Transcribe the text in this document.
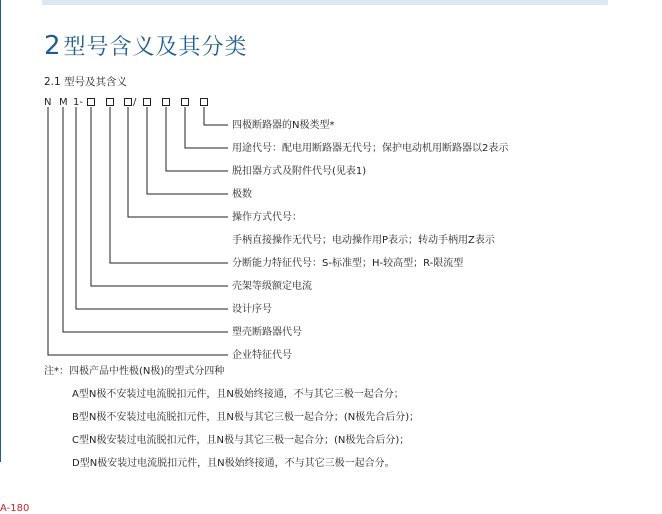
2型号含义及其分类
2.1 型号及其含义
N M 1-	/
四极断路器的N极类型*
用途代号：配电用断路器无代号；保护电动机用断路器以2表示
脱扣器方式及附件代号(见表1)
极数
操作方式代号：
手柄直接操作无代号；电动操作用P表示；转动手柄用Z表示
分断能力特征代号：S-标准型；H-较高型；R-限流型
壳架等级额定电流
设计序号
塑壳断路器代号
企业特征代号
注*：四极产品中性极(N极)的型式分四种
A型N极不安装过电流脱扣元件，且N极始终接通，不与其它三极一起合分；
B型N极不安装过电流脱扣元件，且N极与其它三极一起合分；(N极先合后分)；
C型N极安装过电流脱扣元件，且N极与其它三极一起合分；(N极先合后分)；
D型N极安装过电流脱扣元件，且N极始终接通，不与其它三极一起合分。
A-180
